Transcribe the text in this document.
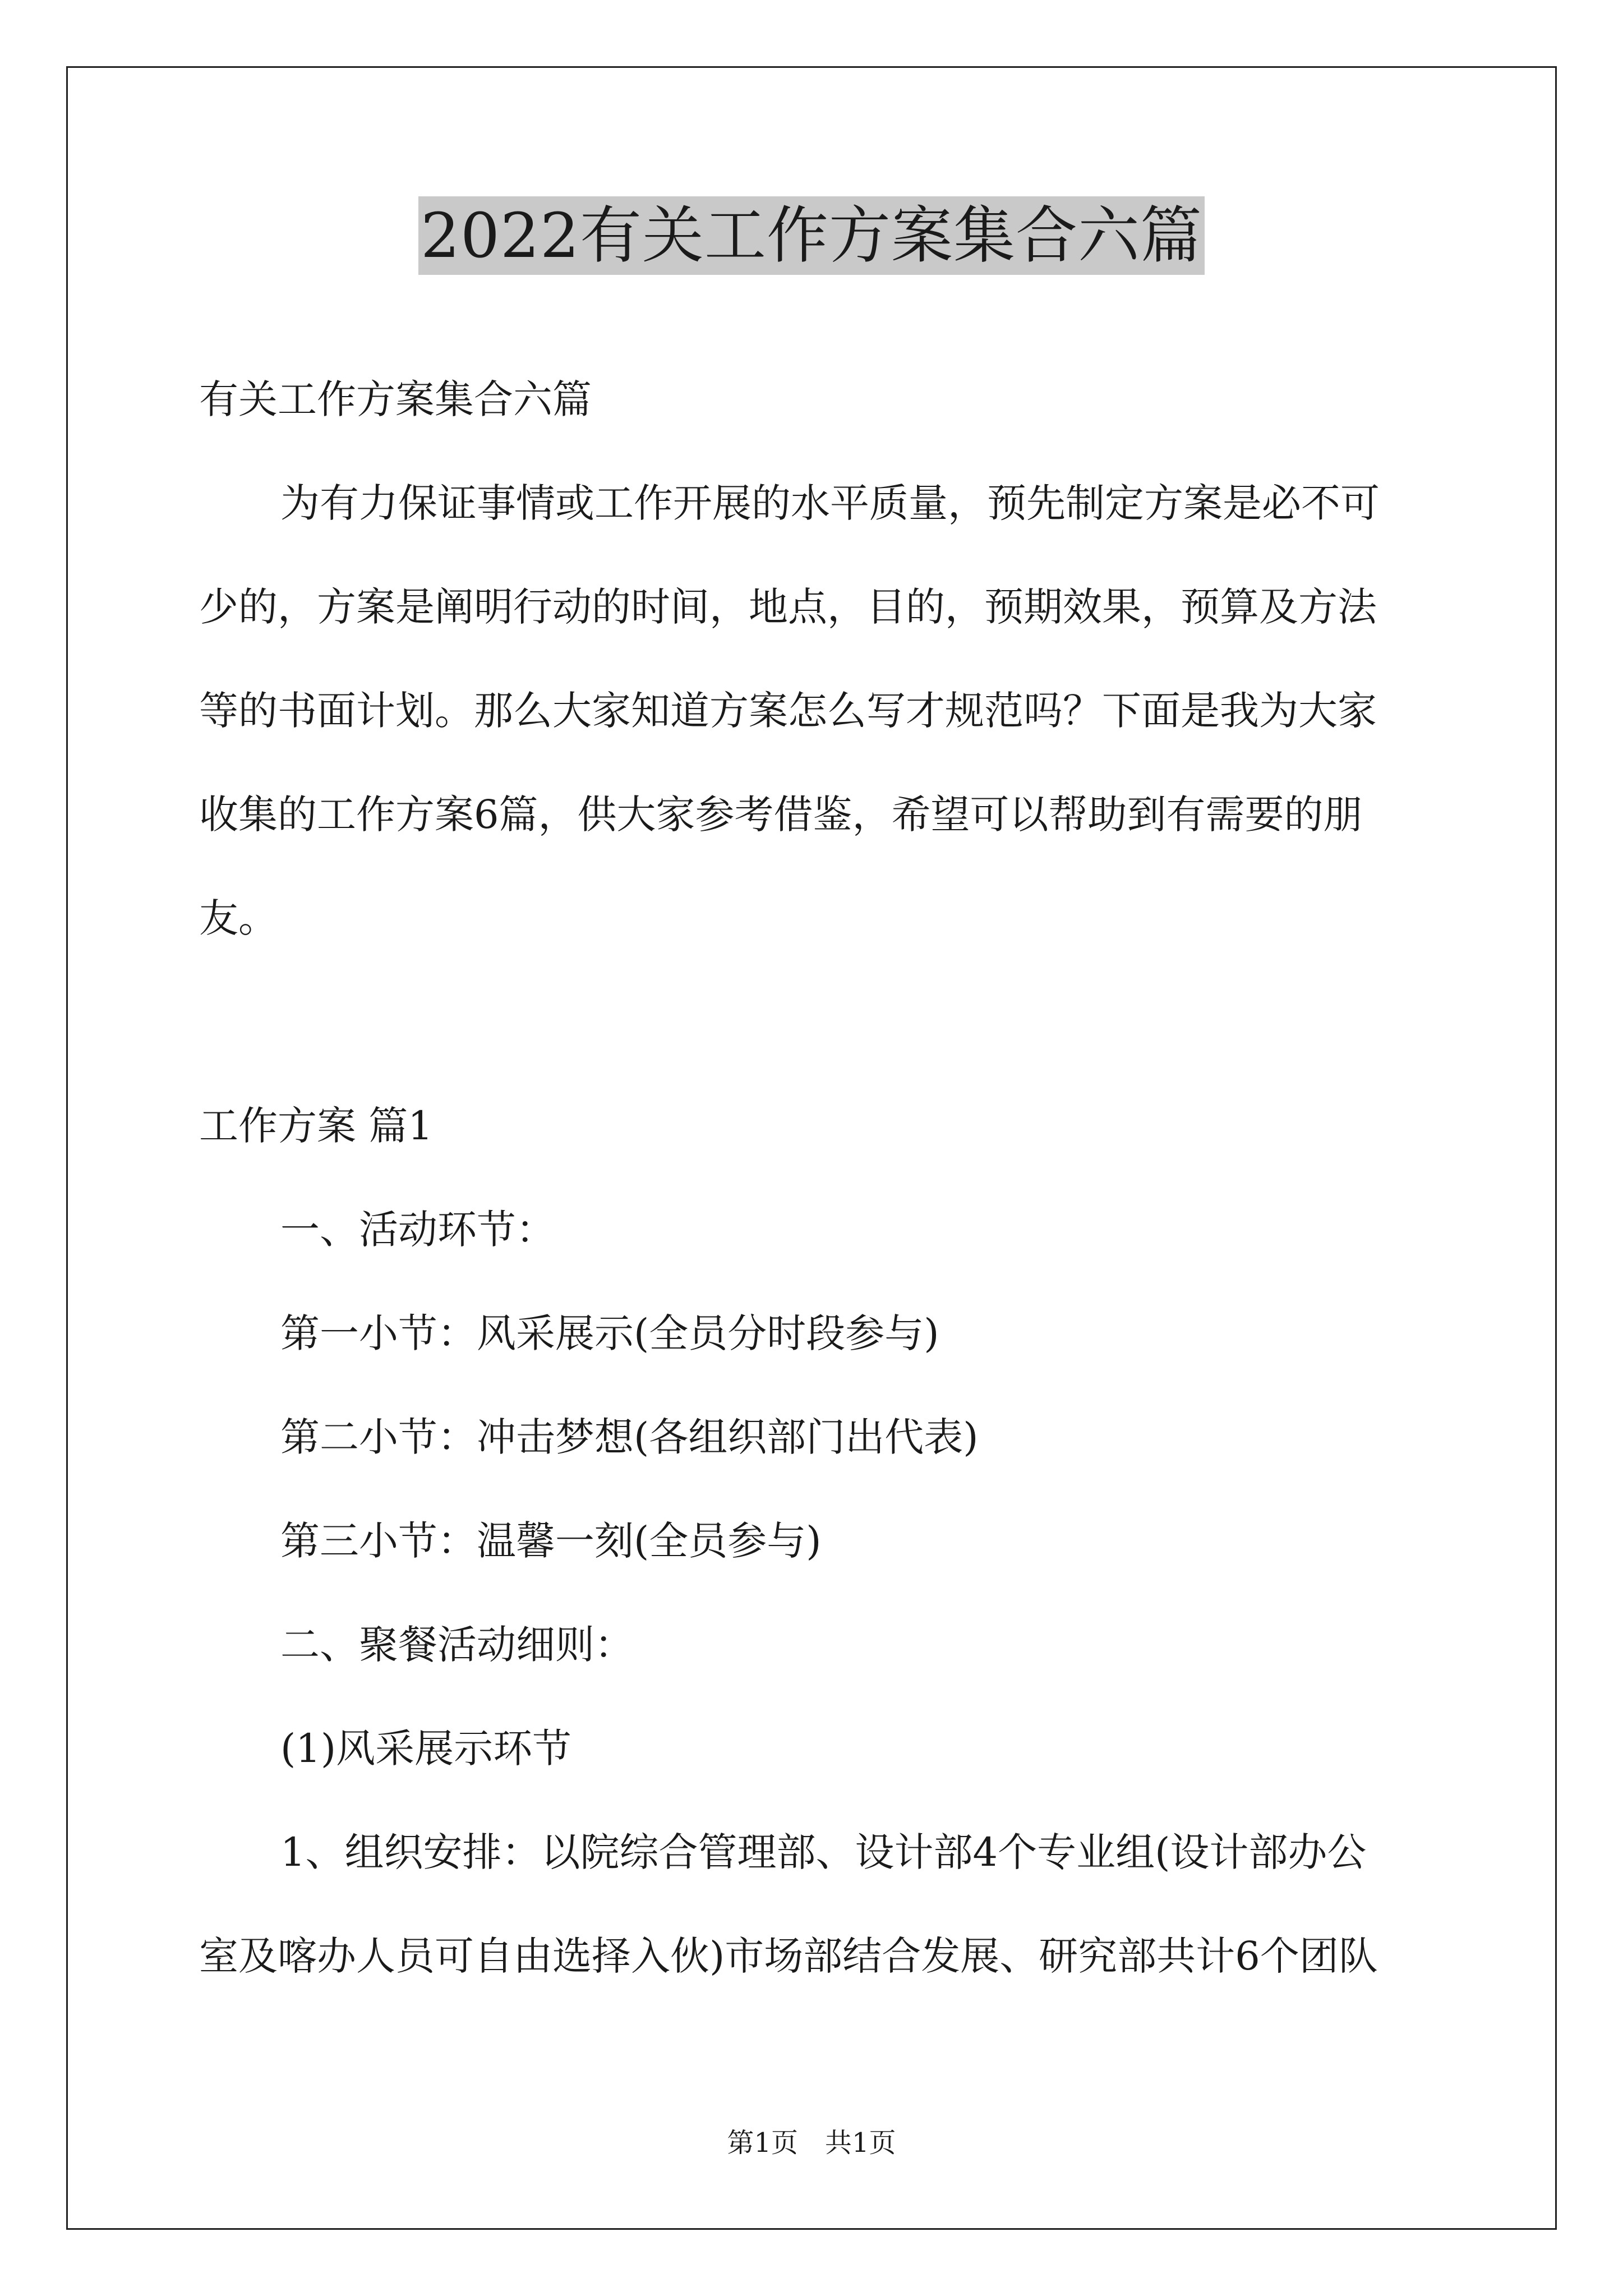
2022有关工作方案集合六篇
有关工作方案集合六篇
为有力保证事情或工作开展的水平质量，预先制定方案是必不可
少的，方案是阐明行动的时间，地点，目的，预期效果，预算及方法
等的书面计划。那么大家知道方案怎么写才规范吗？下面是我为大家
收集的工作方案6篇，供大家参考借鉴，希望可以帮助到有需要的朋
友。
工作方案 篇1
一、活动环节：
第一小节：风采展示(全员分时段参与)
第二小节：冲击梦想(各组织部门出代表)
第三小节：温馨一刻(全员参与)
二、聚餐活动细则：
(1)风采展示环节
1、组织安排：以院综合管理部、设计部4个专业组(设计部办公
室及喀办人员可自由选择入伙)市场部结合发展、研究部共计6个团队
第1页　共1页
